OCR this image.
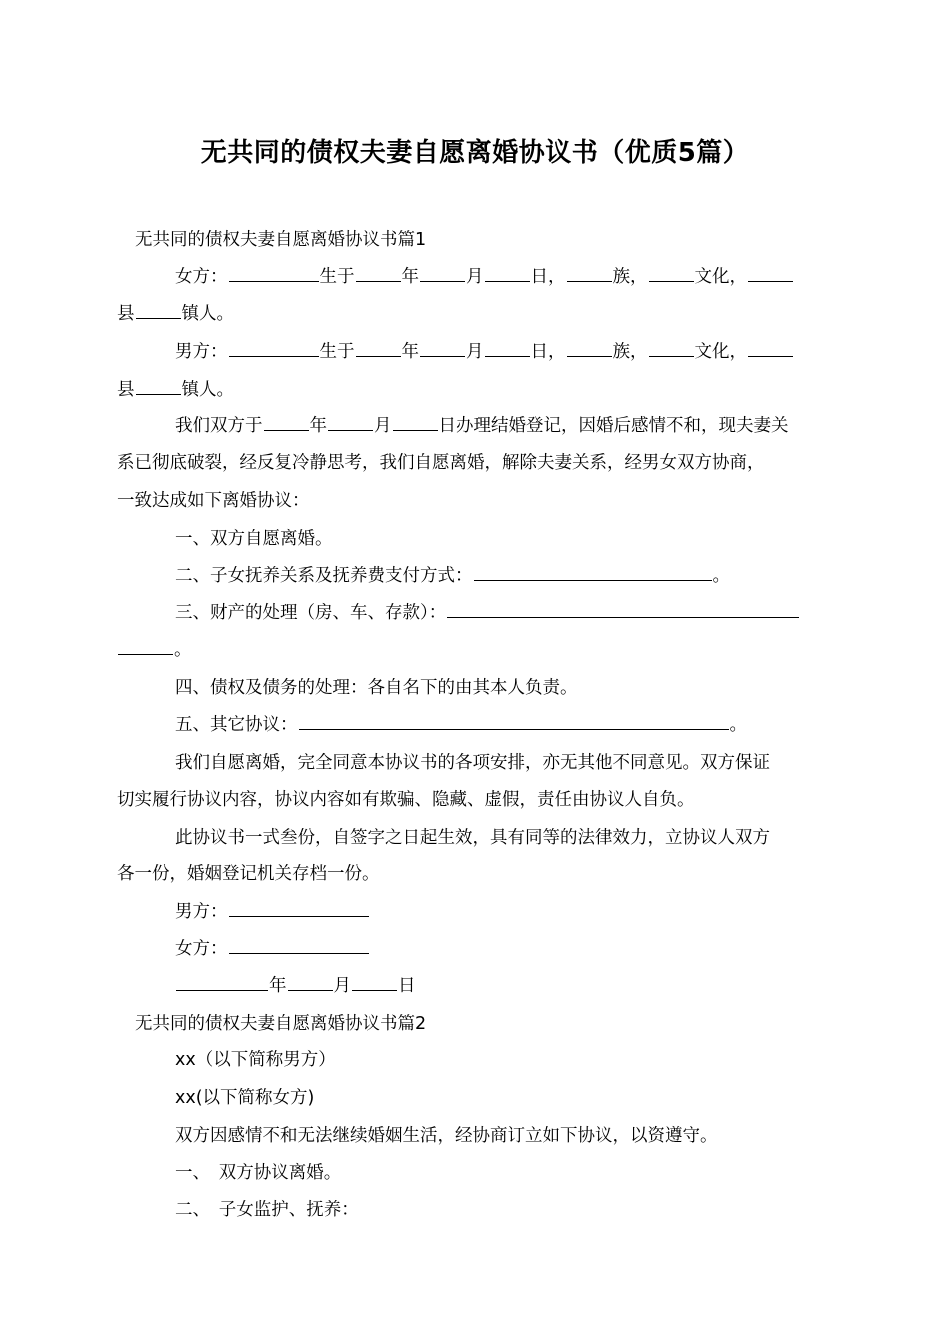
无共同的债权夫妻自愿离婚协议书（优质5篇）
无共同的债权夫妻自愿离婚协议书篇1
女方：	生于	年	月	日，	族，	文化，
县	镇人。
男方：	生于	年	月	日，	族，	文化，
县	镇人。
我们双方于	年	月	日办理结婚登记，因婚后感情不和，现夫妻关
系已彻底破裂，经反复冷静思考，我们自愿离婚，解除夫妻关系，经男女双方协商，
一致达成如下离婚协议：
一、双方自愿离婚。
二、子女抚养关系及抚养费支付方式：	。
三、财产的处理（房、车、存款）：
。
四、债权及债务的处理：各自名下的由其本人负责。
五、其它协议：	。
我们自愿离婚，完全同意本协议书的各项安排，亦无其他不同意见。双方保证
切实履行协议内容，协议内容如有欺骗、隐藏、虚假，责任由协议人自负。
此协议书一式叁份，自签字之日起生效，具有同等的法律效力，立协议人双方
各一份，婚姻登记机关存档一份。
男方：
女方：
年	月	日
无共同的债权夫妻自愿离婚协议书篇2
xx（以下简称男方）
xx(以下简称女方)
双方因感情不和无法继续婚姻生活，经协商订立如下协议，以资遵守。
一、　双方协议离婚。
二、　子女监护、抚养：
